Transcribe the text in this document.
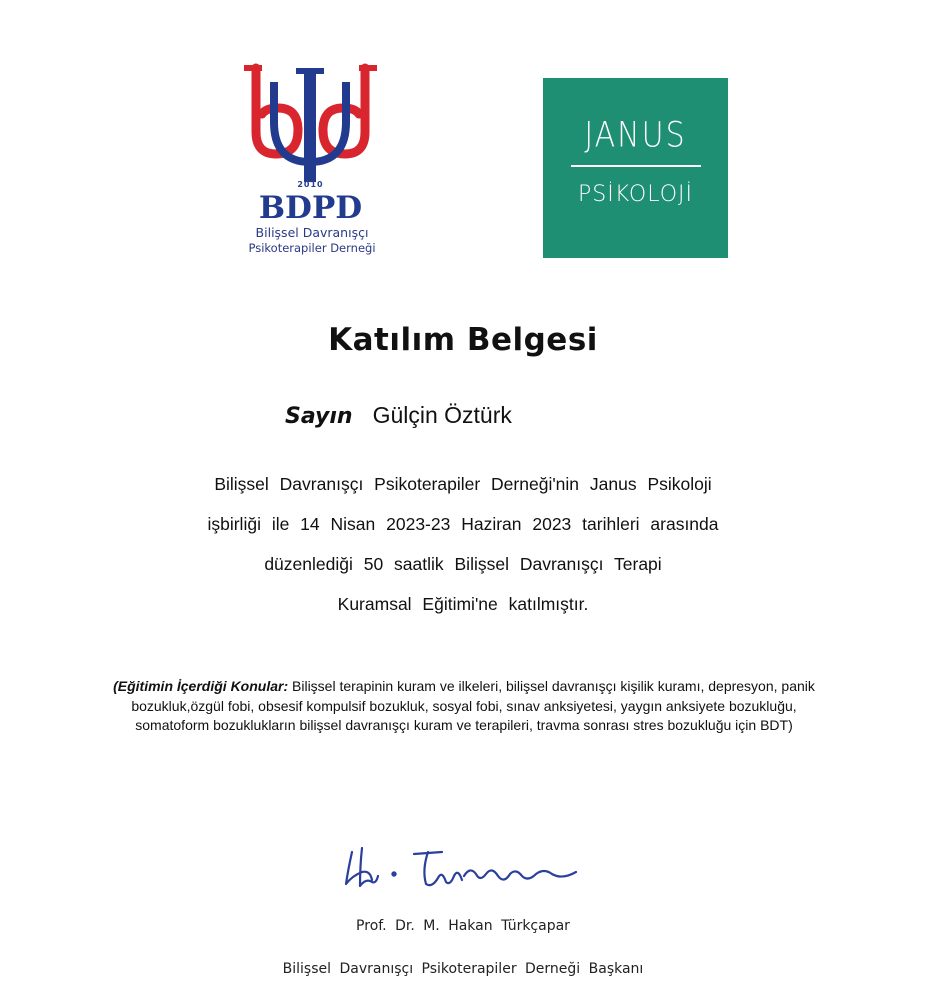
2010
BDPD
Bilişsel Davranışçı
Psikoterapiler Derneği
JANUS
PSİKOLOJİ
Katılım Belgesi
Sayın Gülçin Öztürk
Bilişsel Davranışçı Psikoterapiler Derneği'nin Janus Psikoloji
işbirliği ile 14 Nisan 2023-23 Haziran 2023 tarihleri arasında
düzenlediği 50 saatlik Bilişsel Davranışçı Terapi
Kuramsal Eğitimi'ne katılmıştır.
(Eğitimin İçerdiği Konular: Bilişsel terapinin kuram ve ilkeleri, bilişsel davranışçı kişilik kuramı, depresyon, panik bozukluk,özgül fobi, obsesif kompulsif bozukluk, sosyal fobi, sınav anksiyetesi, yaygın anksiyete bozukluğu, somatoform bozuklukların bilişsel davranışçı kuram ve terapileri, travma sonrası stres bozukluğu için BDT)
Prof. Dr. M. Hakan Türkçapar
Bilişsel Davranışçı Psikoterapiler Derneği Başkanı
